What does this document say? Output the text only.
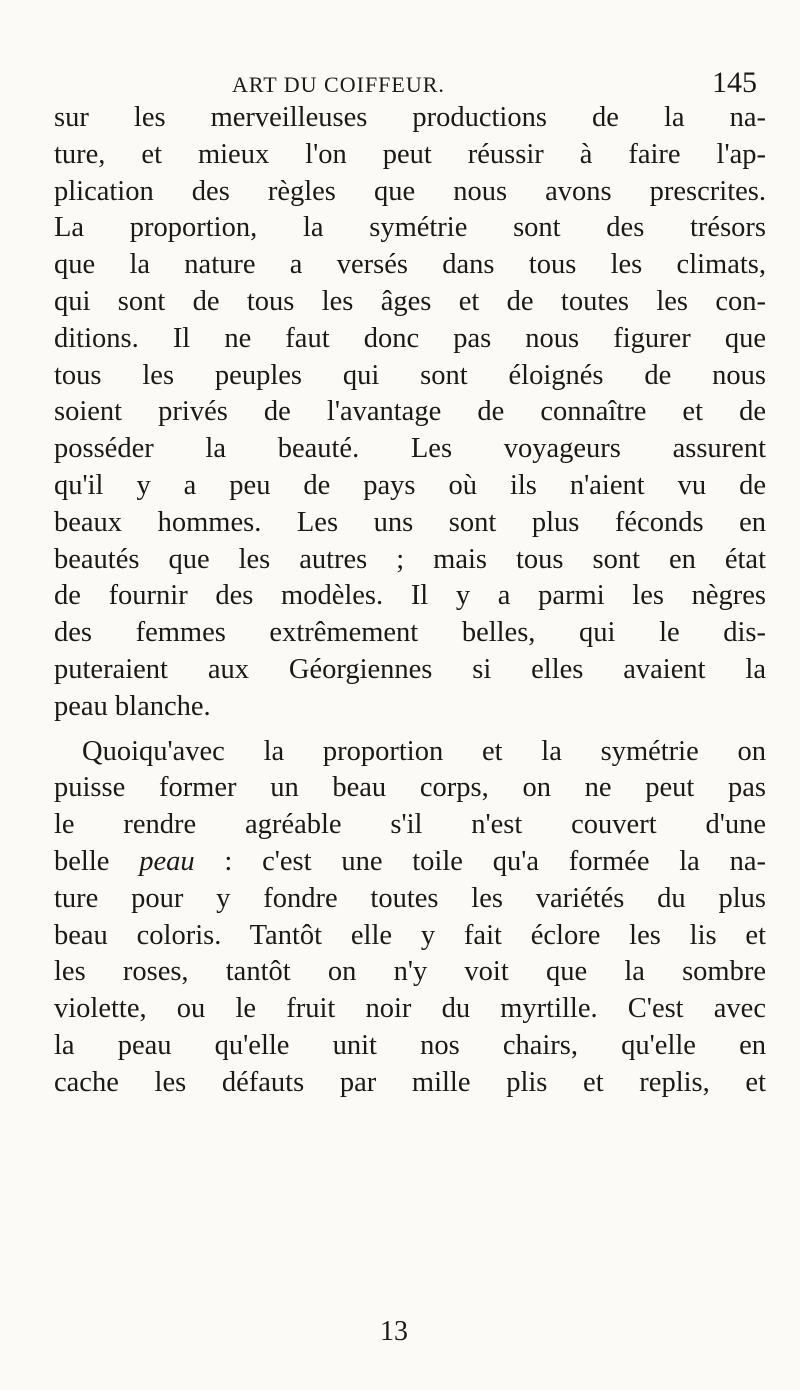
ART DU COIFFEUR.	145
sur les merveilleuses productions de la na-
ture, et mieux l'on peut réussir à faire l'ap-
plication des règles que nous avons prescrites.
La proportion, la symétrie sont des trésors
que la nature a versés dans tous les climats,
qui sont de tous les âges et de toutes les con-
ditions. Il ne faut donc pas nous figurer que
tous les peuples qui sont éloignés de nous
soient privés de l'avantage de connaître et de
posséder la beauté. Les voyageurs assurent
qu'il y a peu de pays où ils n'aient vu de
beaux hommes. Les uns sont plus féconds en
beautés que les autres ; mais tous sont en état
de fournir des modèles. Il y a parmi les nègres
des femmes extrêmement belles, qui le dis-
puteraient aux Géorgiennes si elles avaient la
peau blanche.
Quoiqu'avec la proportion et la symétrie on
puisse former un beau corps, on ne peut pas
le rendre agréable s'il n'est couvert d'une
belle peau : c'est une toile qu'a formée la na-
ture pour y fondre toutes les variétés du plus
beau coloris. Tantôt elle y fait éclore les lis et
les roses, tantôt on n'y voit que la sombre
violette, ou le fruit noir du myrtille. C'est avec
la peau qu'elle unit nos chairs, qu'elle en
cache les défauts par mille plis et replis, et
13
